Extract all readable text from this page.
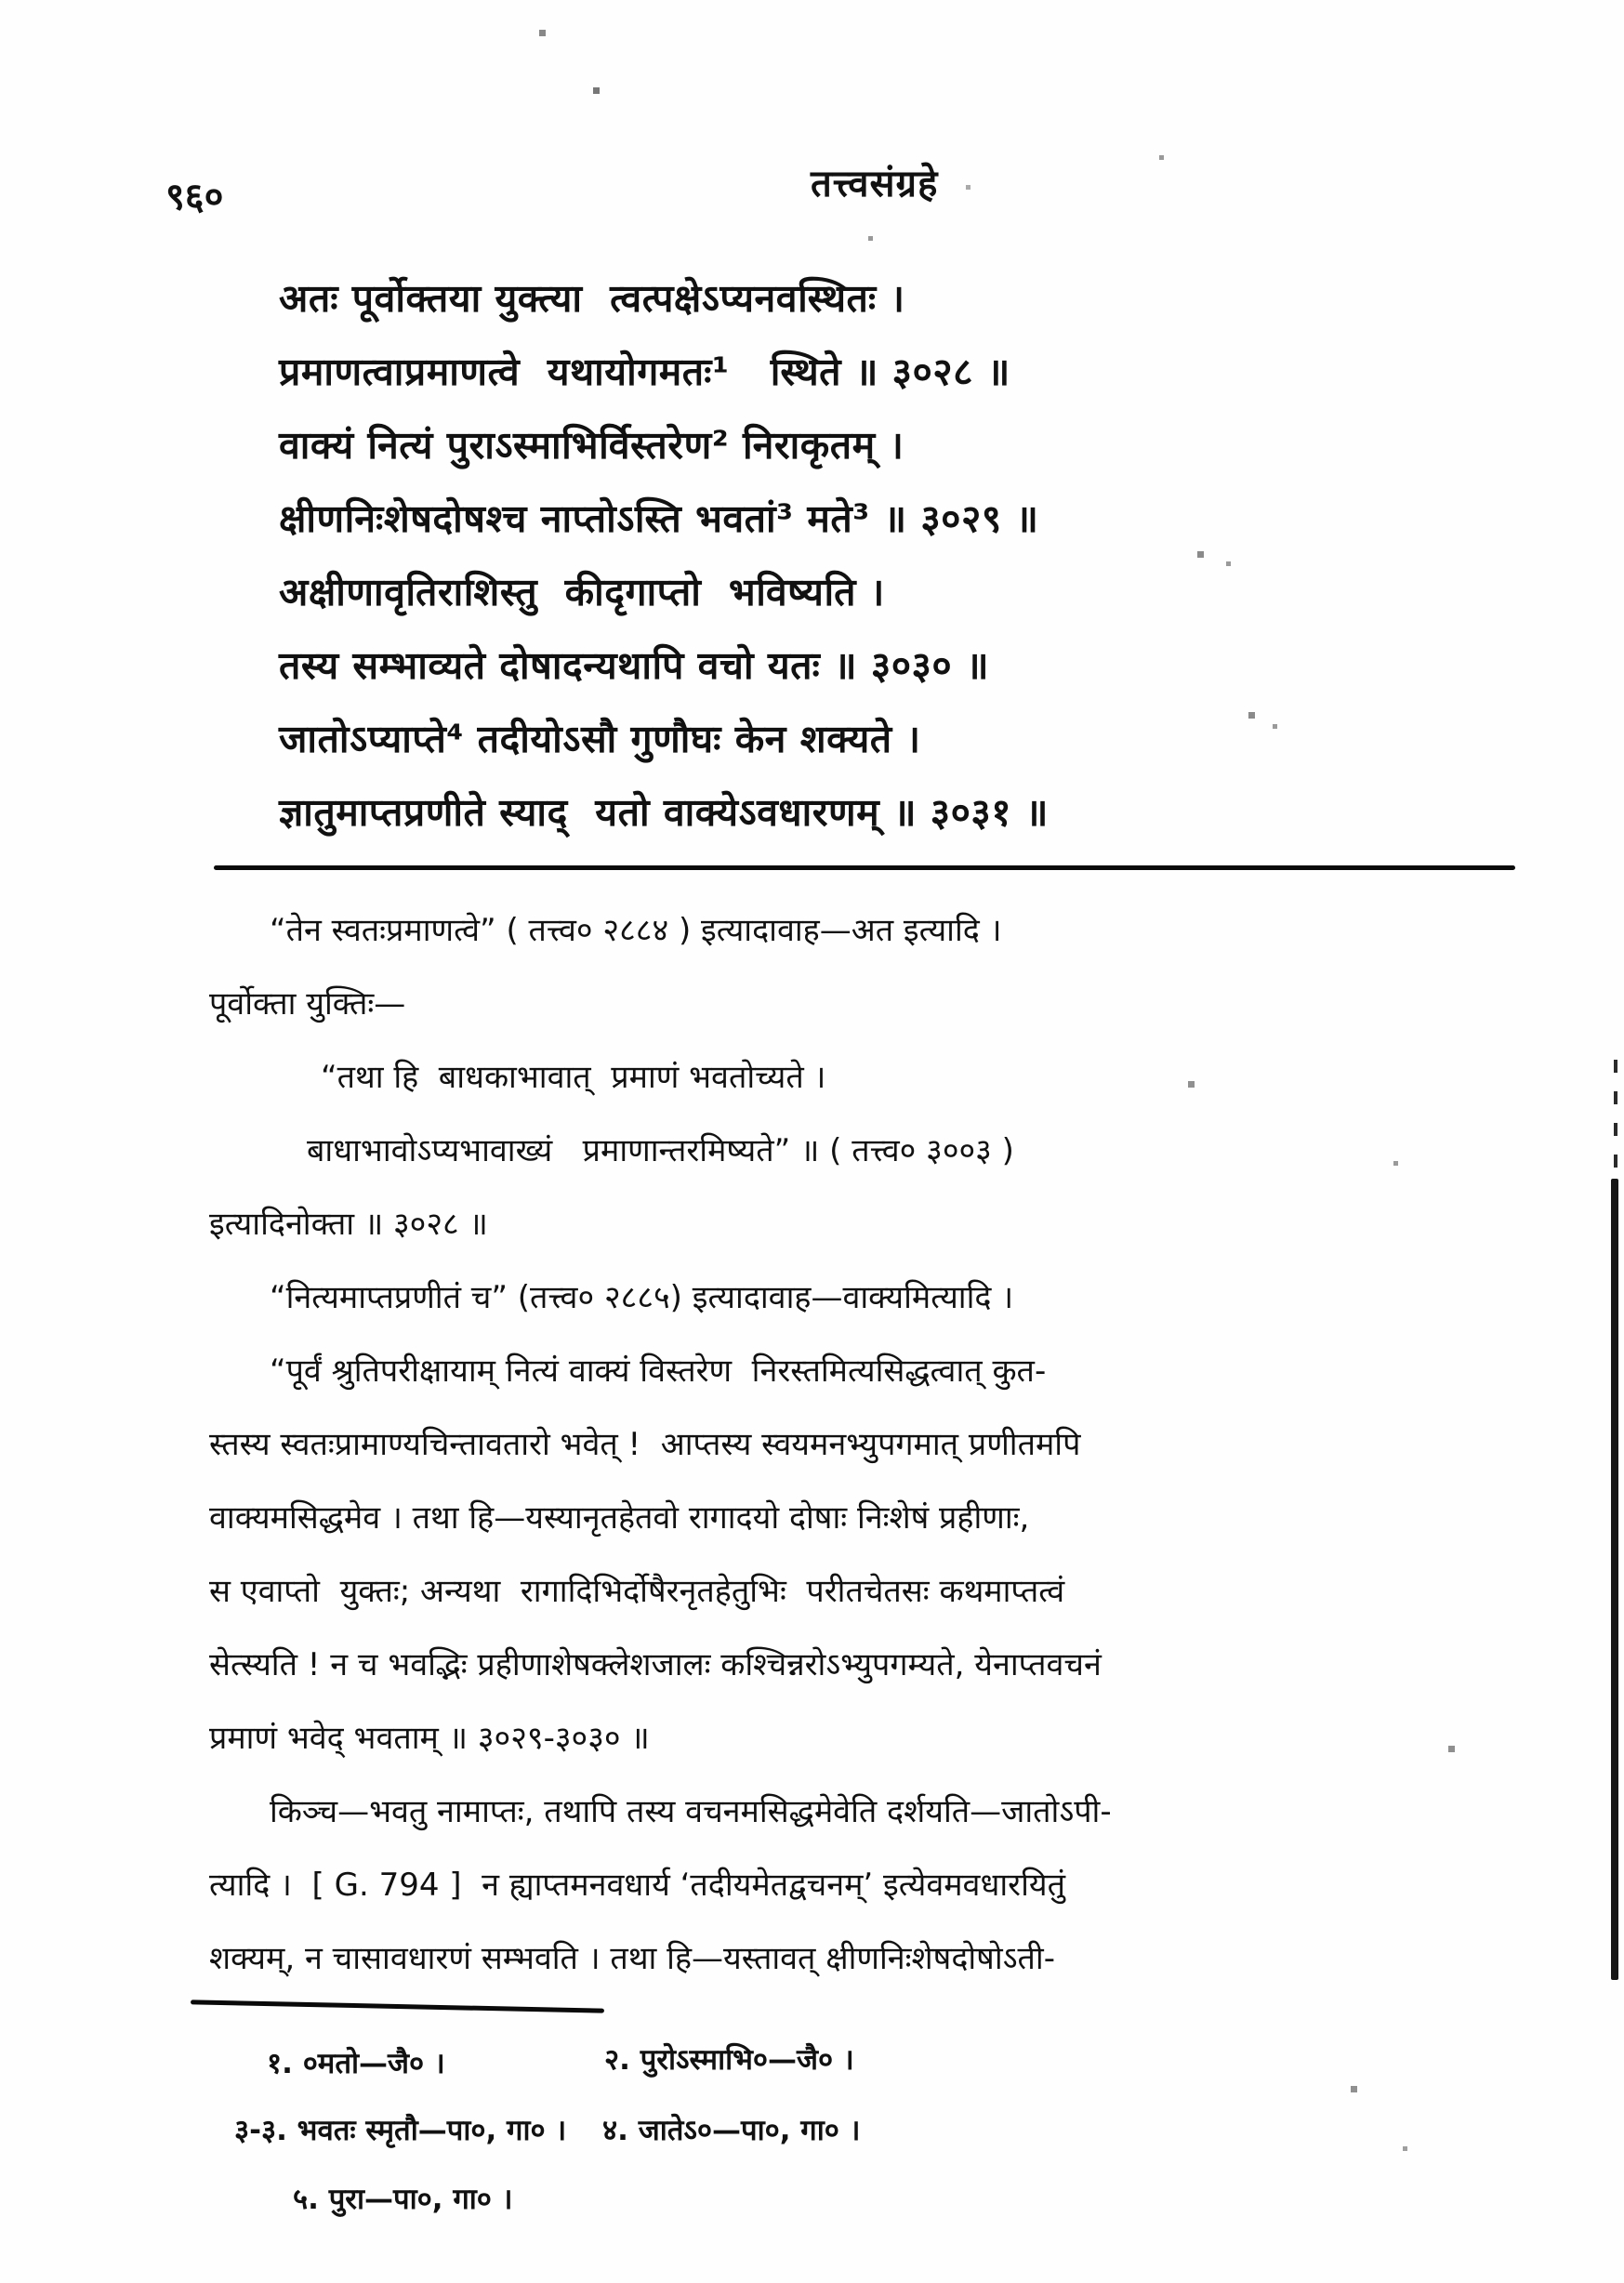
९६०	तत्त्वसंग्रहे
अतः पूर्वोक्तया युक्त्या  त्वत्पक्षेऽप्यनवस्थितः ।
प्रमाणत्वाप्रमाणत्वे  यथायोगमतः¹   स्थिते ॥ ३०२८ ॥
वाक्यं नित्यं पुराऽस्माभिर्विस्तरेण² निराकृतम् ।
क्षीणनिःशेषदोषश्च नाप्तोऽस्ति भवतां³ मते³ ॥ ३०२९ ॥
अक्षीणावृतिराशिस्तु  कीदृगाप्तो  भविष्यति ।
तस्य सम्भाव्यते दोषादन्यथापि वचो यतः ॥ ३०३० ॥
जातोऽप्याप्ते⁴ तदीयोऽसौ गुणौघः केन शक्यते ।
ज्ञातुमाप्तप्रणीते स्याद्  यतो वाक्येऽवधारणम् ॥ ३०३१ ॥
“तेन स्वतःप्रमाणत्वे” ( तत्त्व० २८८४ ) इत्यादावाह—अत इत्यादि ।
पूर्वोक्ता युक्तिः—
“तथा हि  बाधकाभावात्  प्रमाणं भवतोच्यते ।
बाधाभावोऽप्यभावाख्यं   प्रमाणान्तरमिष्यते” ॥ ( तत्त्व० ३००३ )
इत्यादिनोक्ता ॥ ३०२८ ॥
“नित्यमाप्तप्रणीतं च” (तत्त्व० २८८५) इत्यादावाह—वाक्यमित्यादि ।
“पूर्वं श्रुतिपरीक्षायाम् नित्यं वाक्यं विस्तरेण  निरस्तमित्यसिद्धत्वात् कुत-
स्तस्य स्वतःप्रामाण्यचिन्तावतारो भवेत् !  आप्तस्य स्वयमनभ्युपगमात् प्रणीतमपि
वाक्यमसिद्धमेव । तथा हि—यस्यानृतहेतवो रागादयो दोषाः निःशेषं प्रहीणाः,
स एवाप्तो  युक्तः; अन्यथा  रागादिभिर्दोषैरनृतहेतुभिः  परीतचेतसः कथमाप्तत्वं
सेत्स्यति ! न च भवद्भिः प्रहीणाशेषक्लेशजालः कश्चिन्नरोऽभ्युपगम्यते, येनाप्तवचनं
प्रमाणं भवेद् भवताम् ॥ ३०२९-३०३० ॥
किञ्च—भवतु नामाप्तः, तथापि तस्य वचनमसिद्धमेवेति दर्शयति—जातोऽपी-
त्यादि ।  [ G. 794 ]  न ह्याप्तमनवधार्य ‘तदीयमेतद्वचनम्’ इत्येवमवधारयितुं
शक्यम्, न चासावधारणं सम्भवति । तथा हि—यस्तावत् क्षीणनिःशेषदोषोऽती-
१. ०मतो—जै० ।	२. पुरोऽस्माभि०—जै० ।
३-३. भवतः स्मृतौ—पा०, गा० । ४. जातेऽ०—पा०, गा० ।
५. पुरा—पा०, गा० ।
